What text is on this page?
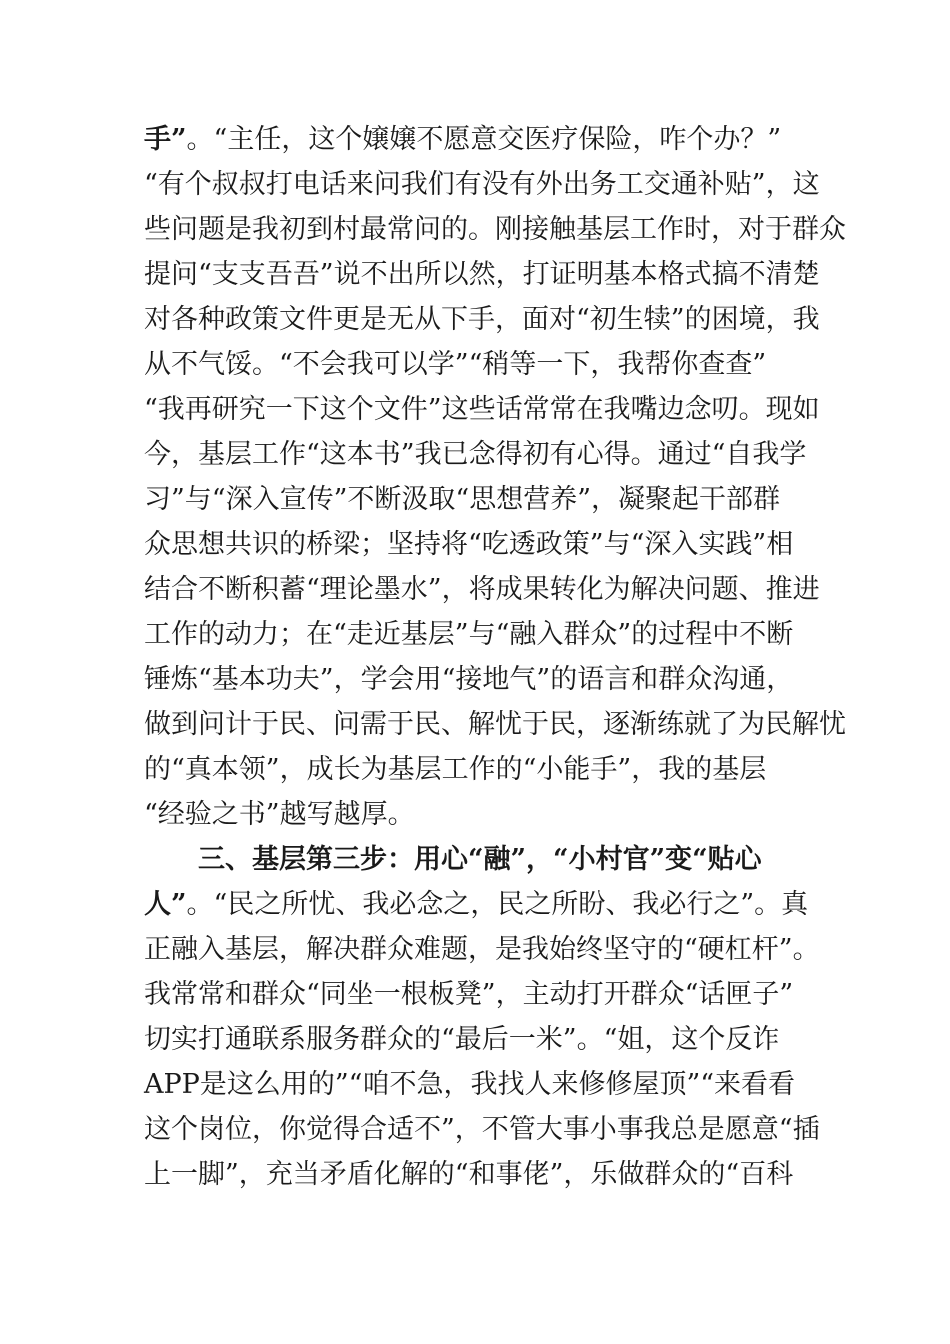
手”。“主任，这个嬢嬢不愿意交医疗保险，咋个办？”
“有个叔叔打电话来问我们有没有外出务工交通补贴”，这
些问题是我初到村最常问的。刚接触基层工作时，对于群众
提问“支支吾吾”说不出所以然，打证明基本格式搞不清楚
对各种政策文件更是无从下手，面对“初生犊”的困境，我
从不气馁。“不会我可以学”“稍等一下，我帮你查查”
“我再研究一下这个文件”这些话常常在我嘴边念叨。现如
今，基层工作“这本书”我已念得初有心得。通过“自我学
习”与“深入宣传”不断汲取“思想营养”，凝聚起干部群
众思想共识的桥梁；坚持将“吃透政策”与“深入实践”相
结合不断积蓄“理论墨水”，将成果转化为解决问题、推进
工作的动力；在“走近基层”与“融入群众”的过程中不断
锤炼“基本功夫”，学会用“接地气”的语言和群众沟通，
做到问计于民、问需于民、解忧于民，逐渐练就了为民解忧
的“真本领”，成长为基层工作的“小能手”，我的基层
“经验之书”越写越厚。
　　三、基层第三步：用心“融”，“小村官”变“贴心
人”。“民之所忧、我必念之，民之所盼、我必行之”。真
正融入基层，解决群众难题，是我始终坚守的“硬杠杆”。
我常常和群众“同坐一根板凳”，主动打开群众“话匣子”
切实打通联系服务群众的“最后一米”。“姐，这个反诈
APP是这么用的”“咱不急，我找人来修修屋顶”“来看看
这个岗位，你觉得合适不”，不管大事小事我总是愿意“插
上一脚”，充当矛盾化解的“和事佬”，乐做群众的“百科
